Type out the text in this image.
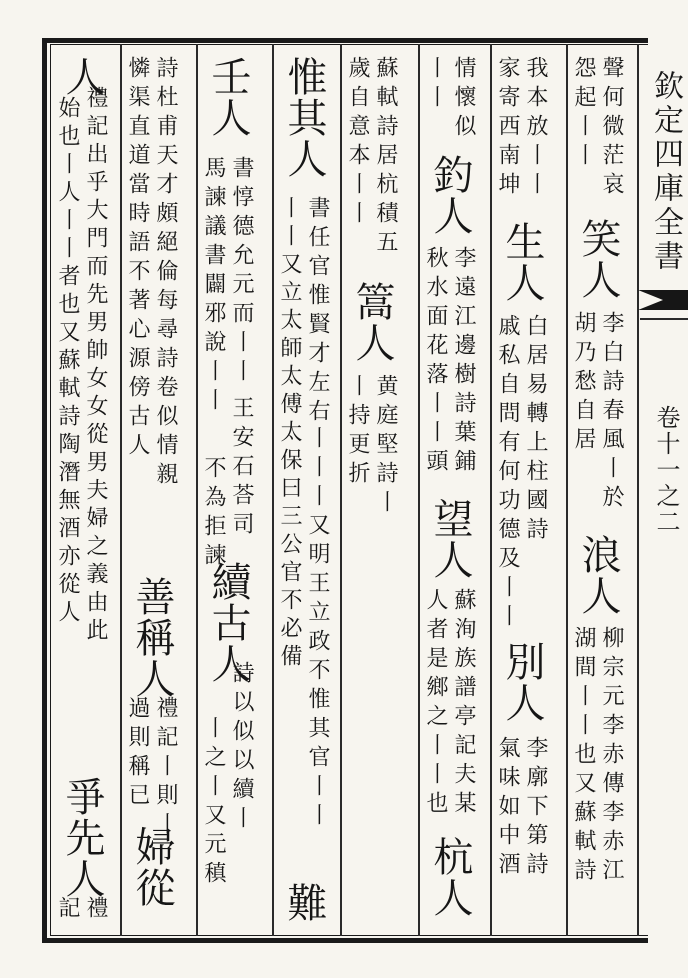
欽定四庫全書
卷十一之二
聲何微茫哀
怨起丨丨
笑人
李白詩春風丨於
胡乃愁自居
浪人
柳宗元李赤傳李赤江
湖間丨丨也又蘇軾詩
我本放丨丨
家寄西南坤
生人
白居易轉上柱國詩
戚私自問有何功德及丨丨
別人
李廓下第詩
氣味如中酒
情懷似
丨丨
釣人
李遠江邊樹詩葉鋪
秋水面花落丨丨頭
望人
蘇洵族譜亭記夫某
人者是鄉之丨丨也
杭人
蘇軾詩居杭積五
歲自意本丨丨
篙人
黄庭堅詩丨
丨持更折
惟其人
書任官惟賢才左右
丨丨又立太師太傅太保曰三公官不必備 丨丨丨又明王立政不惟其官丨丨
難
壬人
書惇德允元而丨丨
馬諫議書闢邪說丨丨
王安石荅司
不為拒諫
續古人
詩以似以續丨
丨之丨又元稹
詩杜甫天才頗絕倫每尋詩卷似情親
憐渠直道當時語不著心源傍古人
善稱人
禮記丨則丨
過則稱已
婦從
人
禮記出乎大門而先男帥女女從男夫婦之義由此
始也丨人丨丨者也又蘇軾詩陶潛無酒亦從人
爭先人
禮
記
